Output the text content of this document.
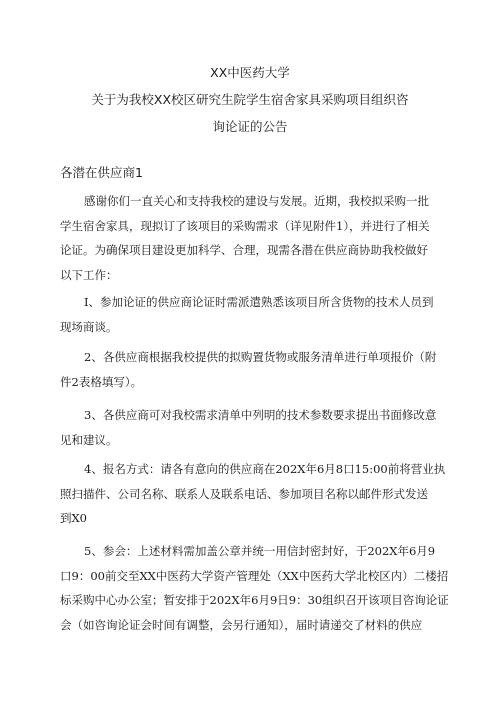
XX中医药大学
关于为我校XX校区研究生院学生宿舍家具采购项目组织咨
询论证的公告
各潜在供应商1

感谢你们一直关心和支持我校的建设与发展。近期，我校拟采购一批

学生宿舍家具，现拟订了该项目的采购需求（详见附件1），并进行了相关
论证。为确保项目建设更加科学、合理，现需各潜在供应商协助我校做好
以下工作：

I、参加论证的供应商论证时需派遣熟悉该项目所含货物的技术人员到

现场商谈。

2、各供应商根据我校提供的拟购置货物或服务清单进行单项报价（附

件2表格填写）。

3、各供应商可对我校需求清单中列明的技术参数要求提出书面修改意

见和建议。

4、报名方式：请各有意向的供应商在202X年6月8口15:00前将营业执

照扫描件、公司名称、联系人及联系电话、参加项目名称以邮件形式发送
到X0

5、参会：上述材料需加盖公章并统一用信封密封好，于202X年6月9

口9：00前交至XX中医药大学资产管理处（XX中医药大学北校区内）二楼招
标采购中心办公室；暂安排于202X年6月9日9：30组织召开该项目咨询论证
会（如咨询论证会时间有调整，会另行通知），届时请递交了材料的供应
